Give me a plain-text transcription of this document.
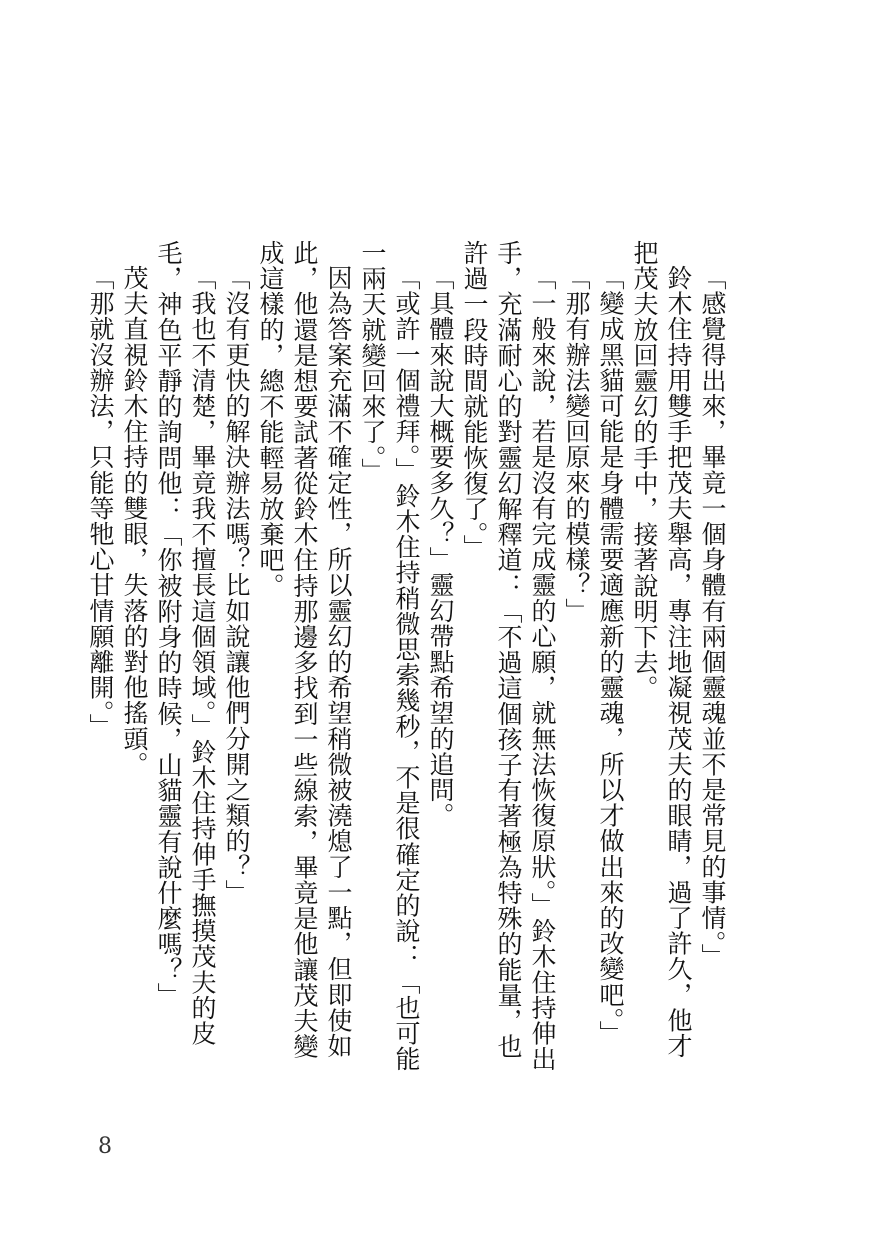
「感覺得出來，畢竟一個身體有兩個靈魂並不是常見的事情。」

鈴木住持用雙手把茂夫舉高，專注地凝視茂夫的眼睛，過了許久，他才把茂夫放回靈幻的手中，接著說明下去。

「變成黑貓可能是身體需要適應新的靈魂，所以才做出來的改變吧。」

「那有辦法變回原來的模樣？」

「一般來說，若是沒有完成靈的心願，就無法恢復原狀。」鈴木住持伸出手，充滿耐心的對靈幻解釋道：「不過這個孩子有著極為特殊的能量，也許過一段時間就能恢復了。」

「具體來說大概要多久？」靈幻帶點希望的追問。

「或許一個禮拜。」鈴木住持稍微思索幾秒，不是很確定的說：「也可能一兩天就變回來了。」

因為答案充滿不確定性，所以靈幻的希望稍微被澆熄了一點，但即使如此，他還是想要試著從鈴木住持那邊多找到一些線索，畢竟是他讓茂夫變成這樣的，總不能輕易放棄吧。

「沒有更快的解決辦法嗎？比如說讓他們分開之類的？」

「我也不清楚，畢竟我不擅長這個領域。」鈴木住持伸手撫摸茂夫的皮毛，神色平靜的詢問他：「你被附身的時候，山貓靈有說什麼嗎？」

茂夫直視鈴木住持的雙眼，失落的對他搖頭。

「那就沒辦法，只能等牠心甘情願離開。」

8
